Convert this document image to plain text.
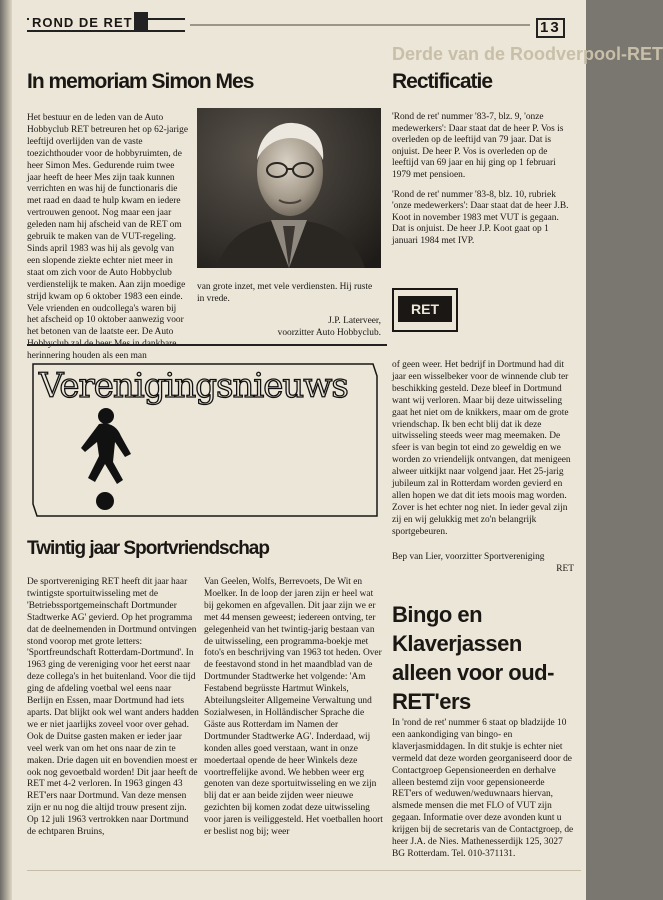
ROND DE RET	13
Derde van de Roodverpool-RET
In memoriam Simon Mes

Het bestuur en de leden van de Auto Hobbyclub RET betreuren het op 62-jarige leeftijd overlijden van de vaste toezichthouder voor de hobbyruimten, de heer Simon Mes. Gedurende ruim twee jaar heeft de heer Mes zijn taak kunnen verrichten en was hij de functionaris die met raad en daad te hulp kwam en iedere vertrouwen genoot. Nog maar een jaar geleden nam hij afscheid van de RET om gebruik te maken van de VUT-regeling. Sinds april 1983 was hij als gevolg van een slopende ziekte echter niet meer in staat om zich voor de Auto Hobbyclub verdienstelijk te maken. Aan zijn moedige strijd kwam op 6 oktober 1983 een einde. Vele vrienden en oudcollega's waren bij het afscheid op 10 oktober aanwezig voor het betonen van de laatste eer. De Auto herinnering houden als een man

van grote inzet, met vele verdiensten. Hij ruste in vrede.

J.P. Laterveer,
voorzitter Auto Hobbyclub.
Rectificatie

'Rond de ret' nummer '83-7, blz. 9, 'onze medewerkers': Daar staat dat de heer P. Vos is overleden op de leeftijd van 79 jaar. Dat is onjuist. De heer P. Vos is overleden op de leeftijd van 69 jaar en hij ging op 1 februari 1979 met pensioen.

'Rond de ret' nummer '83-8, blz. 10, rubriek 'onze medewerkers': Daar staat dat de heer J.B. Koot in november 1983 met VUT is gegaan. Dat is onjuist. De heer J.P. Koot gaat op 1 januari 1984 met IVP.

RET
Verenigingsnieuws
Twintig jaar Sportvriendschap

De sportvereniging RET heeft dit jaar haar twintigste sportuitwisseling met de 'Betriebssportgemeinschaft Dortmunder Stadtwerke AG' gevierd. Op het programma dat de deelnemenden in Dortmund ontvingen stond voorop met grote letters: 'Sportfreundschaft Rotterdam-Dortmund'. In 1963 ging de vereniging voor het eerst naar deze collega's in het buitenland. Voor die tijd ging de afdeling voetbal wel eens naar Berlijn en Essen, maar Dortmund had iets aparts. Dat blijkt ook wel want anders hadden we er niet jaarlijks zoveel voor over gehad. Ook de Duitse gasten maken er ieder jaar veel werk van om het ons naar de zin te maken. Drie dagen uit en bovendien moest er ook nog gevoetbald worden! Dit jaar heeft de RET met 4-2 verloren. In 1963 gingen 43 RET'ers naar Dortmund. Van deze mensen zijn er nu nog die altijd trouw present zijn. Op 12 juli 1963 vertrokken naar Dortmund de echtparen Bruins,

Van Geelen, Wolfs, Berrevoets, De Wit en Moelker. In de loop der jaren zijn er heel wat bij gekomen en afgevallen. Dit jaar zijn we er met 44 mensen geweest; iedereen ontving, ter gelegenheid van het twintig-jarig bestaan van de uitwisseling, een programma-boekje met foto's en beschrijving van 1963 tot heden. Over de feestavond stond in het maandblad van de Dortmunder Stadtwerke het volgende: 'Am Festabend begrüsste Hartmut Winkels, Abteilungsleiter Allgemeine Verwaltung und Sozialwesen, in Holländischer Sprache die Gäste aus Rotterdam im Namen der Dortmunder Stadtwerke AG'. Inderdaad, wij konden alles goed verstaan, want in onze moedertaal opende de heer Winkels deze voortreffelijke avond. We hebben weer erg genoten van deze sportuitwisseling en we zijn blij dat er aan beide zijden weer nieuwe gezichten bij komen zodat deze uitwisseling voor jaren is veiliggesteld. Het voetballen hoort er beslist nog bij; weer

of geen weer. Het bedrijf in Dortmund had dit jaar een wisselbeker voor de winnende club ter beschikking gesteld. Deze bleef in Dortmund want wij verloren. Maar bij deze uitwisseling gaat het niet om de knikkers, maar om de grote vriendschap. Ik ben echt blij dat ik deze uitwisseling steeds weer mag meemaken. De sfeer is van begin tot eind zo geweldig en we worden zo vriendelijk ontvangen, dat menigeen alweer uitkijkt naar volgend jaar. Het 25-jarig jubileum zal in Rotterdam worden gevierd en allen hopen we dat dit iets moois mag worden. Zover is het echter nog niet. In ieder geval zijn zij en wij gelukkig met zo'n belangrijk sportgebeuren.

Bep van Lier, voorzitter Sportvereniging
RET
Bingo en Klaverjassen alleen voor oud-RET'ers

In 'rond de ret' nummer 6 staat op bladzijde 10 een aankondiging van bingo- en klaverjasmiddagen. In dit stukje is echter niet vermeld dat deze worden georganiseerd door de Contactgroep Gepensioneerden en derhalve alleen bestemd zijn voor gepensioneerde RET'ers of weduwen/weduwnaars hiervan, alsmede mensen die met FLO of VUT zijn gegaan. Informatie over deze avonden kunt u krijgen bij de secretaris van de Contactgroep, de heer J.A. de Nies. Mathenesserdijk 125, 3027 BG Rotterdam. Tel. 010-371131.
